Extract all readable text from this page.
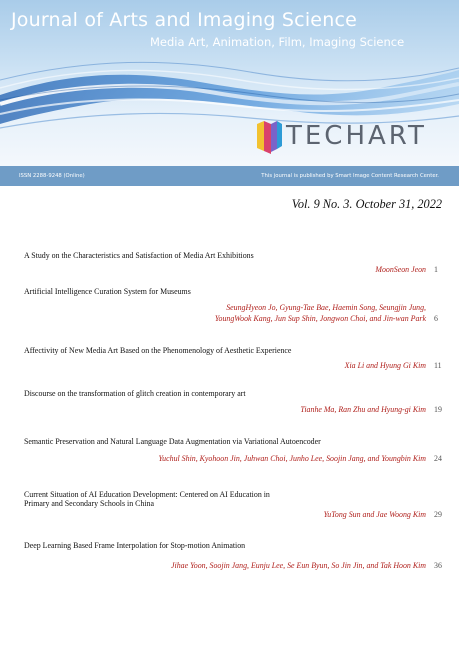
Journal of Arts and Imaging Science
Media Art, Animation, Film, Imaging Science
TECHART
ISSN 2288-9248 (Online)	This journal is published by Smart Image Content Research Center.
Vol. 9 No. 3. October 31, 2022
A Study on the Characteristics and Satisfaction of Media Art Exhibitions
MoonSeon Jeon 1
Artificial Intelligence Curation System for Museums
SeungHyeon Jo, Gyung-Tae Bae, Haemin Song, Seungjin Jung,
YoungWook Kang, Jun Sup Shin, Jongwon Choi, and Jin-wan Park 6
Affectivity of New Media Art Based on the Phenomenology of Aesthetic Experience
Xia Li and Hyung Gi Kim 11
Discourse on the transformation of glitch creation in contemporary art
Tianhe Ma, Ran Zhu and Hyung-gi Kim 19
Semantic Preservation and Natural Language Data Augmentation via Variational Autoencoder
Yuchul Shin, Kyohoon Jin, Juhwan Choi, Junho Lee, Soojin Jang, and Youngbin Kim 24
Current Situation of AI Education Development: Centered on AI Education in
Primary and Secondary Schools in China
YuTong Sun and Jae Woong Kim 29
Deep Learning Based Frame Interpolation for Stop-motion Animation
Jihae Yoon, Soojin Jang, Eunju Lee, Se Eun Byun, So Jin Jin, and Tak Hoon Kim 36
